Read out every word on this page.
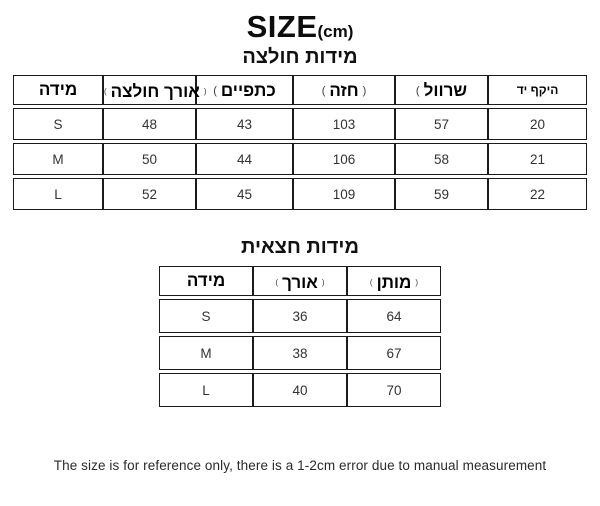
SIZE(cm)
מידות חולצה
מידה	( אורך חולצה )	( כתפיים	( חזה )	( שרוול	היקף יד

S	48	43	103	57	20
M	50	44	106	58	21
L	52	45	109	59	22
מידות חצאית
מידה	( אורך )	( מותן )

S	36	64
M	38	67
L	40	70

The size is for reference only, there is a 1-2cm error due to manual measurement
